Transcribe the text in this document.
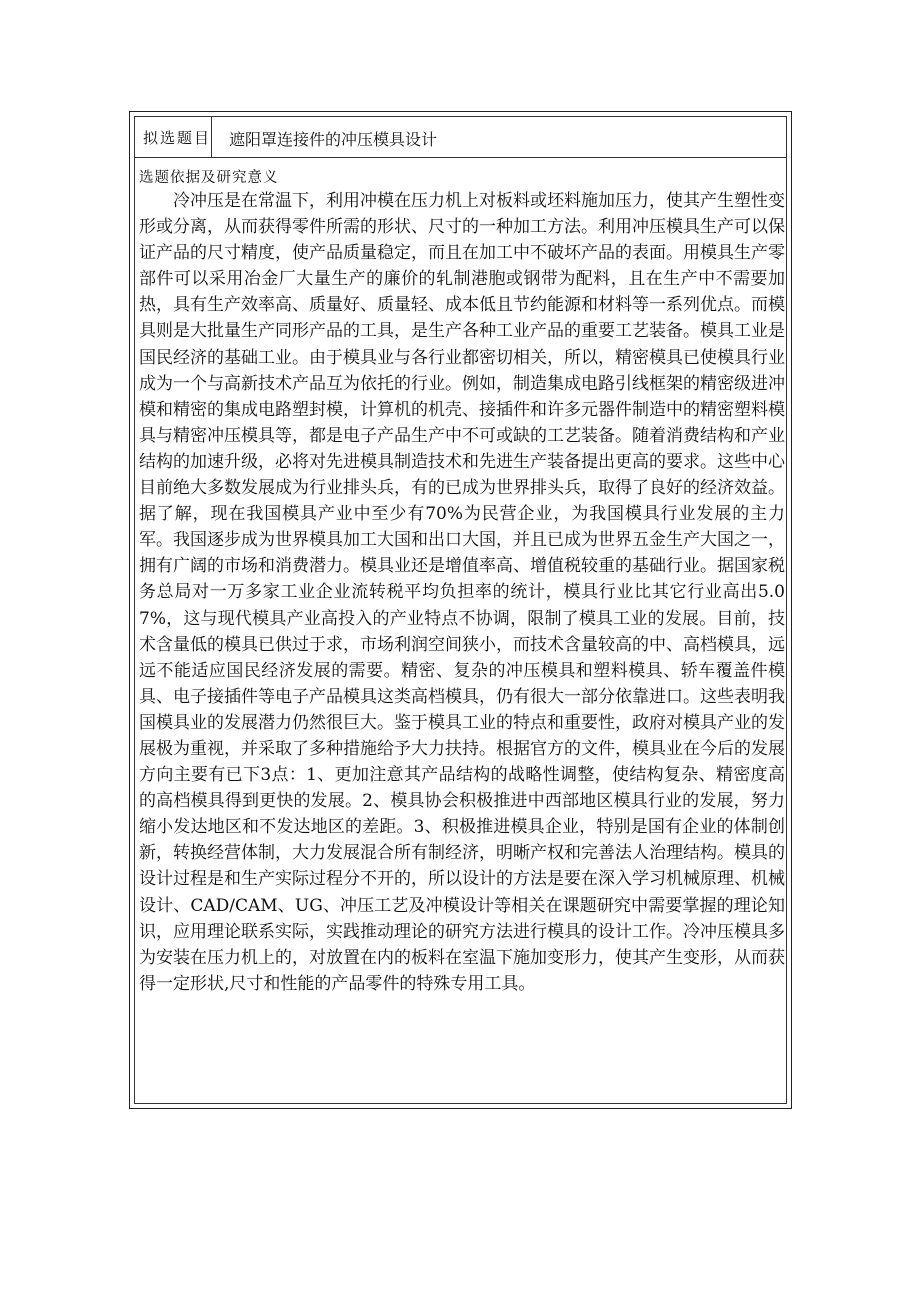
拟选题目 遮阳罩连接件的冲压模具设计
选题依据及研究意义
冷冲压是在常温下，利用冲模在压力机上对板料或坯料施加压力，使其产生塑性变形或分离，从而获得零件所需的形状、尺寸的一种加工方法。利用冲压模具生产可以保证产品的尺寸精度，使产品质量稳定，而且在加工中不破坏产品的表面。用模具生产零部件可以采用冶金厂大量生产的廉价的轧制港胞或钢带为配料，且在生产中不需要加热，具有生产效率高、质量好、质量轻、成本低且节约能源和材料等一系列优点。而模具则是大批量生产同形产品的工具，是生产各种工业产品的重要工艺装备。模具工业是国民经济的基础工业。由于模具业与各行业都密切相关，所以，精密模具已使模具行业成为一个与高新技术产品互为依托的行业。例如，制造集成电路引线框架的精密级进冲模和精密的集成电路塑封模，计算机的机壳、接插件和许多元器件制造中的精密塑料模具与精密冲压模具等，都是电子产品生产中不可或缺的工艺装备。随着消费结构和产业结构的加速升级，必将对先进模具制造技术和先进生产装备提出更高的要求。这些中心目前绝大多数发展成为行业排头兵，有的已成为世界排头兵，取得了良好的经济效益。据了解，现在我国模具产业中至少有70%为民营企业，为我国模具行业发展的主力军。我国逐步成为世界模具加工大国和出口大国，并且已成为世界五金生产大国之一，拥有广阔的市场和消费潜力。模具业还是增值率高、增值税较重的基础行业。据国家税务总局对一万多家工业企业流转税平均负担率的统计，模具行业比其它行业高出5.07%，这与现代模具产业高投入的产业特点不协调，限制了模具工业的发展。目前，技术含量低的模具已供过于求，市场利润空间狭小，而技术含量较高的中、高档模具，远远不能适应国民经济发展的需要。精密、复杂的冲压模具和塑料模具、轿车覆盖件模具、电子接插件等电子产品模具这类高档模具，仍有很大一部分依靠进口。这些表明我国模具业的发展潜力仍然很巨大。鉴于模具工业的特点和重要性，政府对模具产业的发展极为重视，并采取了多种措施给予大力扶持。根据官方的文件，模具业在今后的发展方向主要有已下3点：1、更加注意其产品结构的战略性调整，使结构复杂、精密度高的高档模具得到更快的发展。2、模具协会积极推进中西部地区模具行业的发展，努力缩小发达地区和不发达地区的差距。3、积极推进模具企业，特别是国有企业的体制创新，转换经营体制，大力发展混合所有制经济，明晰产权和完善法人治理结构。模具的设计过程是和生产实际过程分不开的，所以设计的方法是要在深入学习机械原理、机械设计、CAD/CAM、UG、冲压工艺及冲模设计等相关在课题研究中需要掌握的理论知识，应用理论联系实际，实践推动理论的研究方法进行模具的设计工作。冷冲压模具多为安装在压力机上的，对放置在内的板料在室温下施加变形力，使其产生变形，从而获得一定形状,尺寸和性能的产品零件的特殊专用工具。
